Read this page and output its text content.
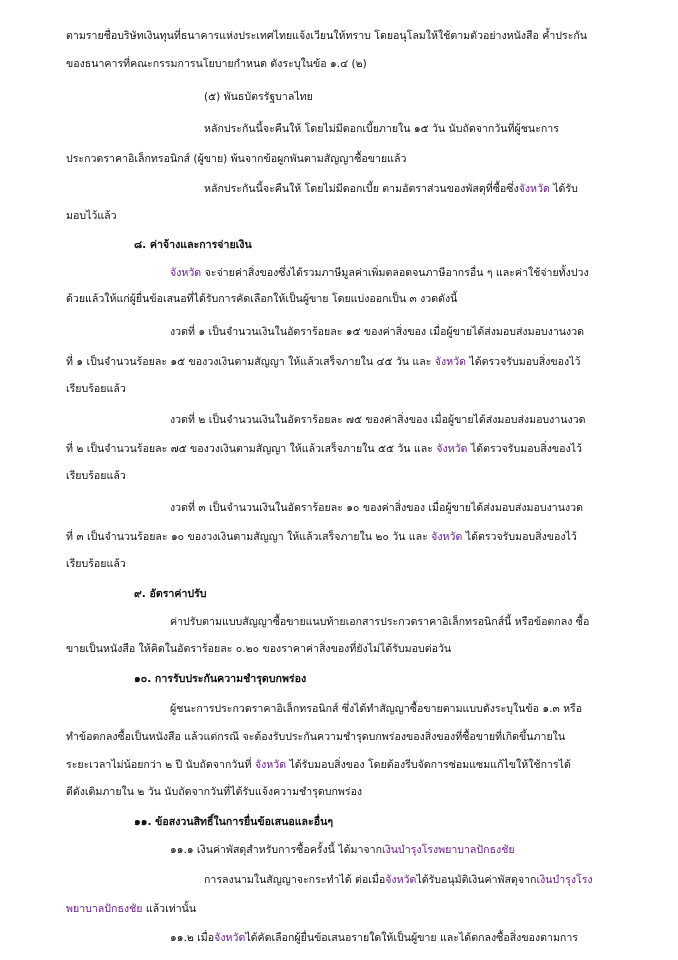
ตามรายชื่อบริษัทเงินทุนที่ธนาคารแห่งประเทศไทยแจ้งเวียนให้ทราบ โดยอนุโลมให้ใช้ตามตัวอย่างหนังสือ ค้ำประกัน
ของธนาคารที่คณะกรรมการนโยบายกำหนด ดังระบุในข้อ ๑.๔ (๒)
(๕) พันธบัตรรัฐบาลไทย
หลักประกันนี้จะคืนให้ โดยไม่มีดอกเบี้ยภายใน ๑๕ วัน นับถัดจากวันที่ผู้ชนะการ
ประกวดราคาอิเล็กทรอนิกส์ (ผู้ขาย) พ้นจากข้อผูกพันตามสัญญาซื้อขายแล้ว
หลักประกันนี้จะคืนให้ โดยไม่มีดอกเบี้ย ตามอัตราส่วนของพัสดุที่ซื้อซึ่งจังหวัด ได้รับ
มอบไว้แล้ว
๘. ค่าจ้างและการจ่ายเงิน
จังหวัด จะจ่ายค่าสิ่งของซึ่งได้รวมภาษีมูลค่าเพิ่มตลอดจนภาษีอากรอื่น ๆ และค่าใช้จ่ายทั้งปวง
ด้วยแล้วให้แก่ผู้ยื่นข้อเสนอที่ได้รับการคัดเลือกให้เป็นผู้ขาย โดยแบ่งออกเป็น ๓ งวดดังนี้
งวดที่ ๑ เป็นจำนวนเงินในอัตราร้อยละ ๑๕ ของค่าสิ่งของ เมื่อผู้ขายได้ส่งมอบส่งมอบงานงวด
ที่ ๑ เป็นจำนวนร้อยละ ๑๕ ของวงเงินตามสัญญา ให้แล้วเสร็จภายใน ๔๕ วัน และ จังหวัด ได้ตรวจรับมอบสิ่งของไว้
เรียบร้อยแล้ว
งวดที่ ๒ เป็นจำนวนเงินในอัตราร้อยละ ๗๕ ของค่าสิ่งของ เมื่อผู้ขายได้ส่งมอบส่งมอบงานงวด
ที่ ๒ เป็นจำนวนร้อยละ ๗๕ ของวงเงินตามสัญญา ให้แล้วเสร็จภายใน ๕๕ วัน และ จังหวัด ได้ตรวจรับมอบสิ่งของไว้
เรียบร้อยแล้ว
งวดที่ ๓ เป็นจำนวนเงินในอัตราร้อยละ ๑๐ ของค่าสิ่งของ เมื่อผู้ขายได้ส่งมอบส่งมอบงานงวด
ที่ ๓ เป็นจำนวนร้อยละ ๑๐ ของวงเงินตามสัญญา ให้แล้วเสร็จภายใน ๒๐ วัน และ จังหวัด ได้ตรวจรับมอบสิ่งของไว้
เรียบร้อยแล้ว
๙. อัตราค่าปรับ
ค่าปรับตามแบบสัญญาซื้อขายแนบท้ายเอกสารประกวดราคาอิเล็กทรอนิกส์นี้ หรือข้อตกลง ซื้อ
ขายเป็นหนังสือ ให้คิดในอัตราร้อยละ ๐.๒๐ ของราคาค่าสิ่งของที่ยังไม่ได้รับมอบต่อวัน
๑๐. การรับประกันความชำรุดบกพร่อง
ผู้ชนะการประกวดราคาอิเล็กทรอนิกส์ ซึ่งได้ทำสัญญาซื้อขายตามแบบดังระบุในข้อ ๑.๓ หรือ
ทำข้อตกลงซื้อเป็นหนังสือ แล้วแต่กรณี จะต้องรับประกันความชำรุดบกพร่องของสิ่งของที่ซื้อขายที่เกิดขึ้นภายใน
ระยะเวลาไม่น้อยกว่า ๒ ปี นับถัดจากวันที่ จังหวัด ได้รับมอบสิ่งของ โดยต้องรีบจัดการซ่อมแซมแก้ไขให้ใช้การได้
ดีดังเดิมภายใน ๒ วัน นับถัดจากวันที่ได้รับแจ้งความชำรุดบกพร่อง
๑๑. ข้อสงวนสิทธิ์ในการยื่นข้อเสนอและอื่นๆ
๑๑.๑ เงินค่าพัสดุสำหรับการซื้อครั้งนี้ ได้มาจากเงินบำรุงโรงพยาบาลปักธงชัย
การลงนามในสัญญาจะกระทำได้ ต่อเมื่อจังหวัดได้รับอนุมัติเงินค่าพัสดุจากเงินบำรุงโรง
พยาบาลปักธงชัย แล้วเท่านั้น
๑๑.๒ เมื่อจังหวัดได้คัดเลือกผู้ยื่นข้อเสนอรายใดให้เป็นผู้ขาย และได้ตกลงซื้อสิ่งของตามการ
